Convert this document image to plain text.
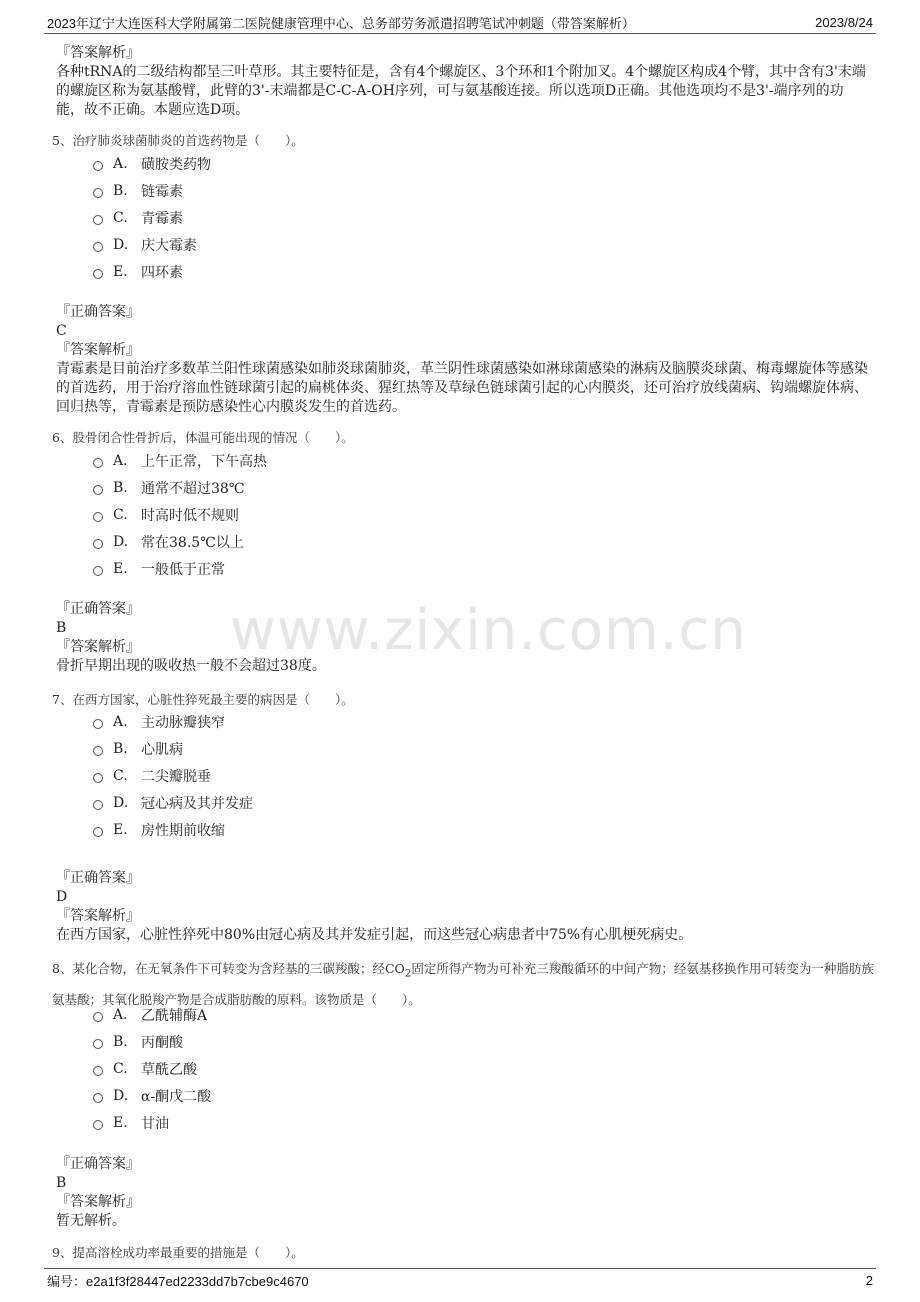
2023年辽宁大连医科大学附属第二医院健康管理中心、总务部劳务派遣招聘笔试冲刺题（带答案解析）	2023/8/24
www.zixin.com.cn
『答案解析』

各种tRNA的二级结构都呈三叶草形。其主要特征是，含有4个螺旋区、3个环和1个附加叉。4个螺旋区构成4个臂，其中含有3'末端的螺旋区称为氨基酸臂，此臂的3'-末端都是C-C-A-OH序列，可与氨基酸连接。所以选项D正确。其他选项均不是3'-端序列的功能，故不正确。本题应选D项。

5、治疗肺炎球菌肺炎的首选药物是（　　）。
A. 磺胺类药物
B. 链霉素
C. 青霉素
D. 庆大霉素
E. 四环素
『正确答案』
C
『答案解析』

青霉素是目前治疗多数革兰阳性球菌感染如肺炎球菌肺炎，革兰阴性球菌感染如淋球菌感染的淋病及脑膜炎球菌、梅毒螺旋体等感染的首选药，用于治疗溶血性链球菌引起的扁桃体炎、猩红热等及草绿色链球菌引起的心内膜炎，还可治疗放线菌病、钩端螺旋体病、回归热等，青霉素是预防感染性心内膜炎发生的首选药。

6、股骨闭合性骨折后，体温可能出现的情况（　　）。
A. 上午正常，下午高热
B. 通常不超过38℃
C. 时高时低不规则
D. 常在38.5℃以上
E. 一般低于正常
『正确答案』
B
『答案解析』

骨折早期出现的吸收热一般不会超过38度。

7、在西方国家，心脏性猝死最主要的病因是（　　）。
A. 主动脉瓣狭窄
B. 心肌病
C. 二尖瓣脱垂
D. 冠心病及其并发症
E. 房性期前收缩
『正确答案』
D
『答案解析』

在西方国家，心脏性猝死中80%由冠心病及其并发症引起，而这些冠心病患者中75%有心肌梗死病史。

8、某化合物，在无氧条件下可转变为含羟基的三碳羧酸；经$CO_2$固定所得产物为可补充三羧酸循环的中间产物；经氨基移换作用可转变为一种脂肪族氨基酸；其氧化脱羧产物是合成脂肪酸的原料。该物质是（　　）。
A. 乙酰辅酶A
B. 丙酮酸
C. 草酰乙酸
D. α-酮戊二酸
E. 甘油
『正确答案』
B
『答案解析』

暂无解析。

9、提高溶栓成功率最重要的措施是（　　）。
编号：e2a1f3f28447ed2233dd7b7cbe9c4670	2
